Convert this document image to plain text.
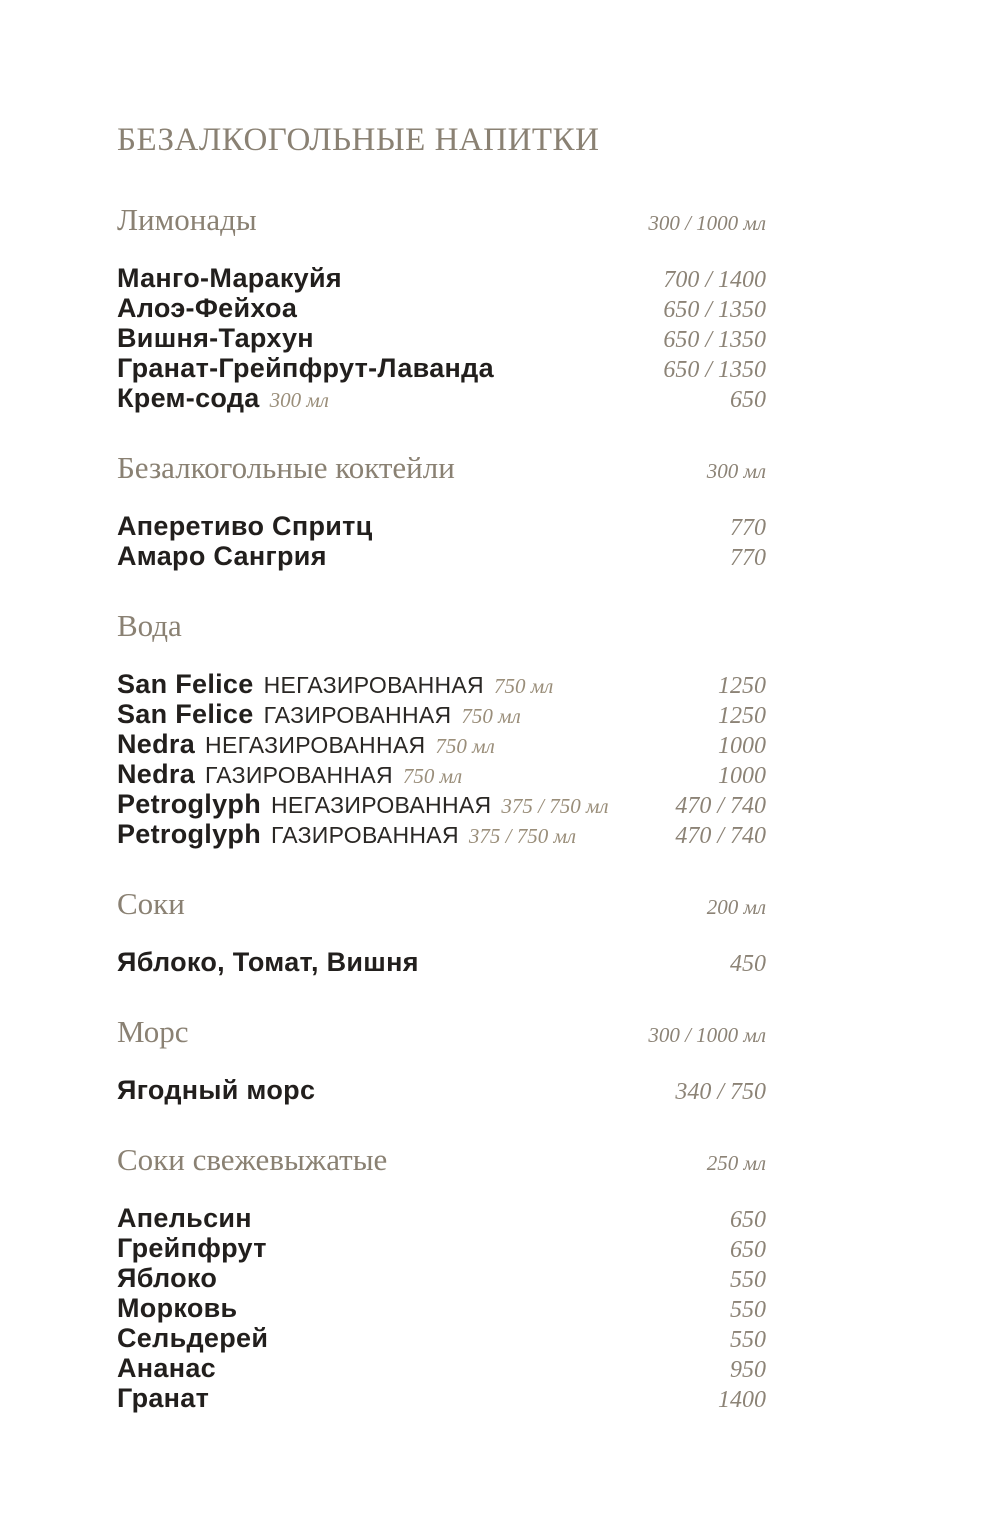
БЕЗАЛКОГОЛЬНЫЕ НАПИТКИ
Лимонады	300 / 1000 мл
Манго-Маракуйя	700 / 1400
Алоэ-Фейхоа	650 / 1350
Вишня-Тархун	650 / 1350
Гранат-Грейпфрут-Лаванда	650 / 1350
Крем-сода 300 мл	650
Безалкогольные коктейли	300 мл
Аперетиво Спритц	770
Амаро Сангрия	770
Вода
San Felice НЕГАЗИРОВАННАЯ 750 мл	1250
San Felice ГАЗИРОВАННАЯ 750 мл	1250
Nedra НЕГАЗИРОВАННАЯ 750 мл	1000
Nedra ГАЗИРОВАННАЯ 750 мл	1000
Petroglyph НЕГАЗИРОВАННАЯ 375 / 750 мл	470 / 740
Petroglyph ГАЗИРОВАННАЯ 375 / 750 мл	470 / 740
Соки	200 мл
Яблоко, Томат, Вишня	450
Морс	300 / 1000 мл
Ягодный морс	340 / 750
Соки свежевыжатые	250 мл
Апельсин	650
Грейпфрут	650
Яблоко	550
Морковь	550
Сельдерей	550
Ананас	950
Гранат	1400
